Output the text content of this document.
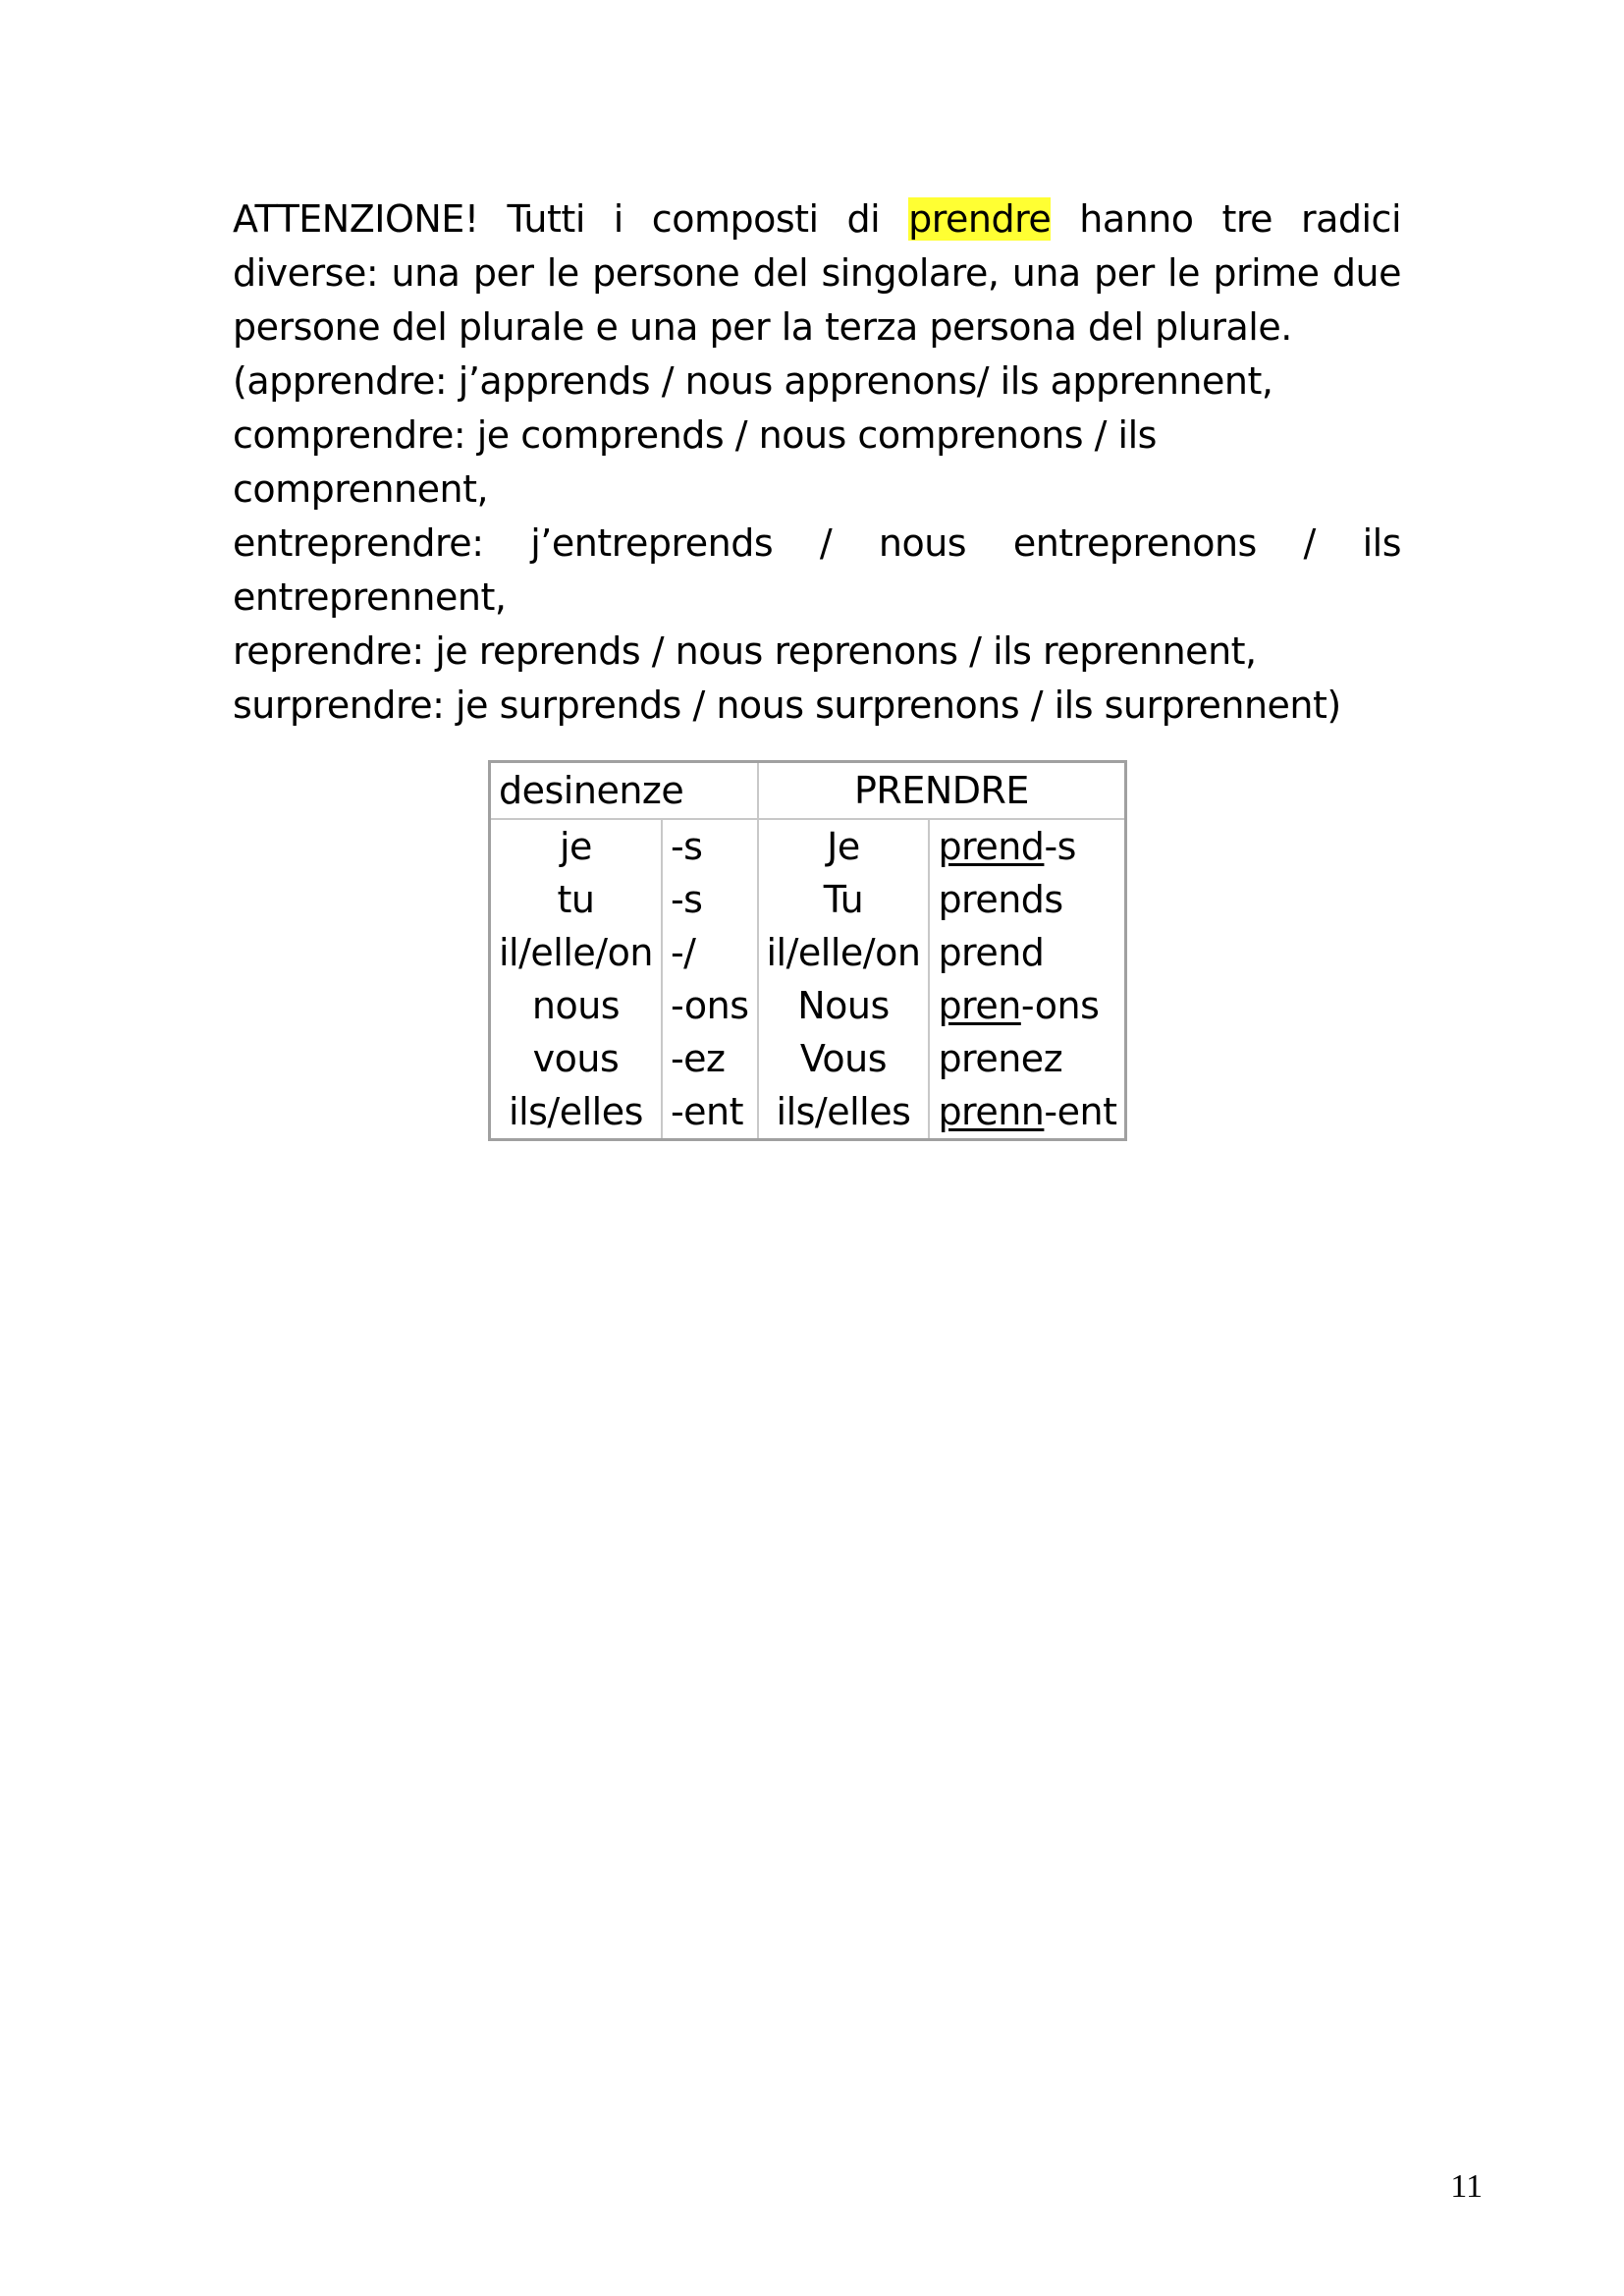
ATTENZIONE! Tutti i composti di prendre hanno tre radici diverse: una per le persone del singolare, una per le prime due persone del plurale e una per la terza persona del plurale.

(apprendre: j’apprends / nous apprenons/ ils apprennent,

comprendre: je comprends / nous comprenons / ils comprennent,

entreprendre: j’entreprends / nous entreprenons / ils

entreprennent,

reprendre: je reprends / nous reprenons / ils reprennent,

surprendre: je surprends / nous surprenons / ils surprennent)

desinenze		PRENDRE	
je	-s	Je	prend-s
tu	-s	Tu	prends
il/elle/on	-/	il/elle/on	prend
nous	-ons	Nous	pren-ons
vous	-ez	Vous	prenez
ils/elles	-ent	ils/elles	prenn-ent
11
